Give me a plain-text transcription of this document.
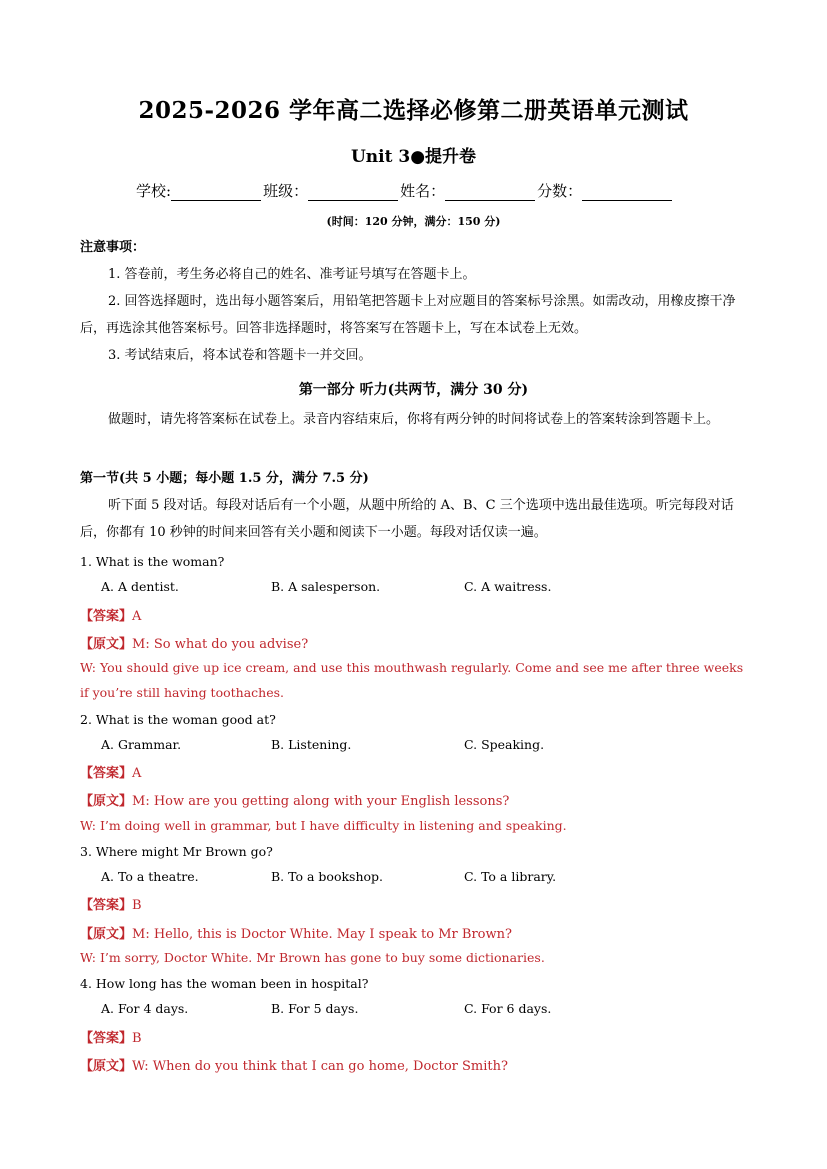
2025-2026 学年高二选择必修第二册英语单元测试
Unit 3●提升卷
学校:	班级：	姓名：	分数：
(时间：120 分钟，满分：150 分)
注意事项：
1. 答卷前，考生务必将自己的姓名、准考证号填写在答题卡上。
2. 回答选择题时，选出每小题答案后，用铅笔把答题卡上对应题目的答案标号涂黑。如需改动，用橡皮擦干净后，再选涂其他答案标号。回答非选择题时，将答案写在答题卡上，写在本试卷上无效。
3. 考试结束后，将本试卷和答题卡一并交回。
第一部分 听力(共两节，满分 30 分)
做题时，请先将答案标在试卷上。录音内容结束后，你将有两分钟的时间将试卷上的答案转涂到答题卡上。
第一节(共 5 小题；每小题 1.5 分，满分 7.5 分)
听下面 5 段对话。每段对话后有一个小题，从题中所给的 A、B、C 三个选项中选出最佳选项。听完每段对话后，你都有 10 秒钟的时间来回答有关小题和阅读下一小题。每段对话仅读一遍。
1. What is the woman?
A. A dentist.	B. A salesperson.	C. A waitress.
【答案】A
【原文】M: So what do you advise?
W: You should give up ice cream, and use this mouthwash regularly. Come and see me after three weeks if you’re still having toothaches.
2. What is the woman good at?
A. Grammar.	B. Listening.	C. Speaking.
【答案】A
【原文】M: How are you getting along with your English lessons?
W: I’m doing well in grammar, but I have difficulty in listening and speaking.
3. Where might Mr Brown go?
A. To a theatre.	B. To a bookshop.	C. To a library.
【答案】B
【原文】M: Hello, this is Doctor White. May I speak to Mr Brown?
W: I’m sorry, Doctor White. Mr Brown has gone to buy some dictionaries.
4. How long has the woman been in hospital?
A. For 4 days.	B. For 5 days.	C. For 6 days.
【答案】B
【原文】W: When do you think that I can go home, Doctor Smith?
